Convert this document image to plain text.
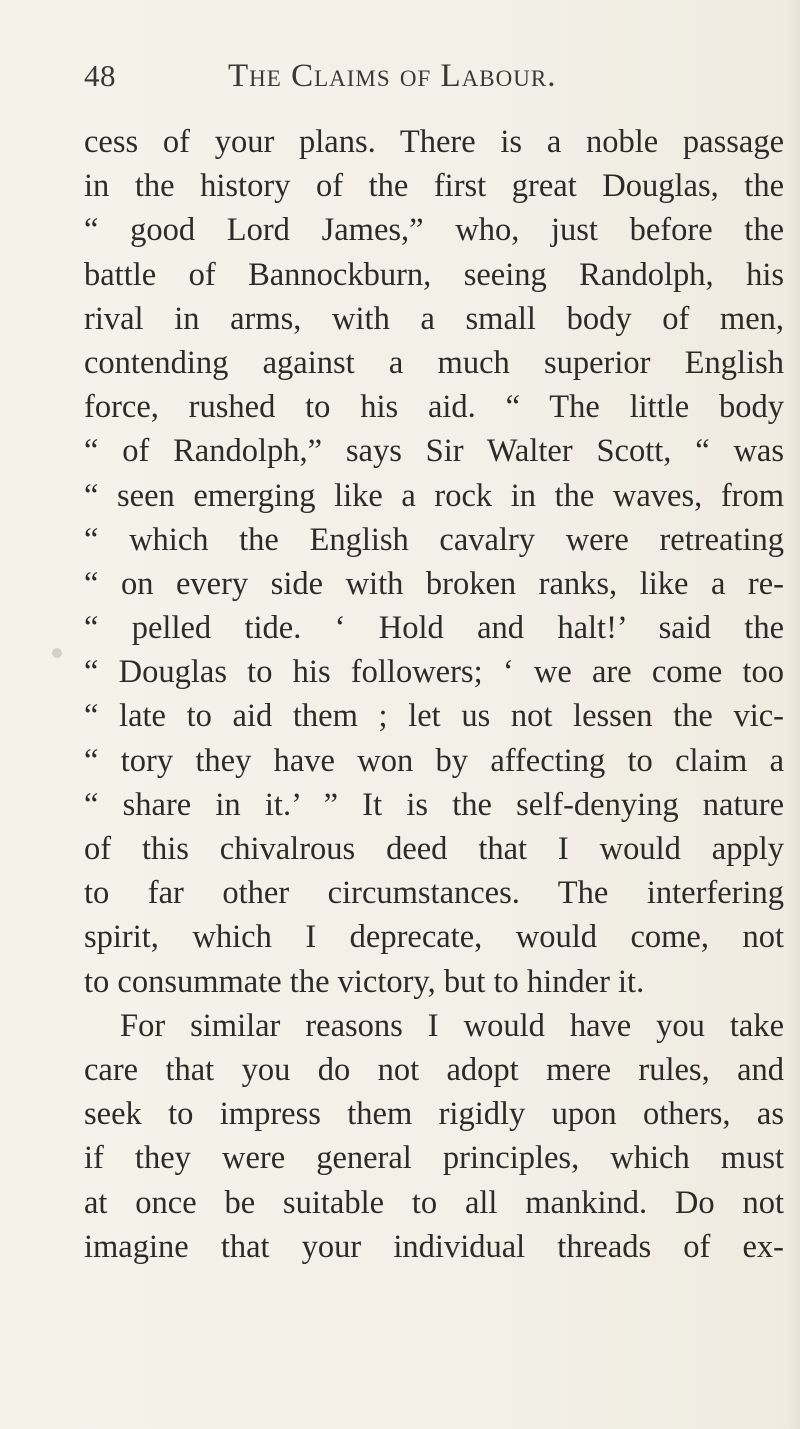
48	The Claims of Labour.
cess of your plans. There is a noble passage
in the history of the first great Douglas, the
“ good Lord James,” who, just before the
battle of Bannockburn, seeing Randolph, his
rival in arms, with a small body of men,
contending against a much superior English
force, rushed to his aid. “ The little body
“ of Randolph,” says Sir Walter Scott, “ was
“ seen emerging like a rock in the waves, from
“ which the English cavalry were retreating
“ on every side with broken ranks, like a re-
“ pelled tide. ‘ Hold and halt!’ said the
“ Douglas to his followers; ‘ we are come too
“ late to aid them ; let us not lessen the vic-
“ tory they have won by affecting to claim a
“ share in it.’ ” It is the self-denying nature
of this chivalrous deed that I would apply
to far other circumstances. The interfering
spirit, which I deprecate, would come, not
to consummate the victory, but to hinder it.
For similar reasons I would have you take
care that you do not adopt mere rules, and
seek to impress them rigidly upon others, as
if they were general principles, which must
at once be suitable to all mankind. Do not
imagine that your individual threads of ex-
